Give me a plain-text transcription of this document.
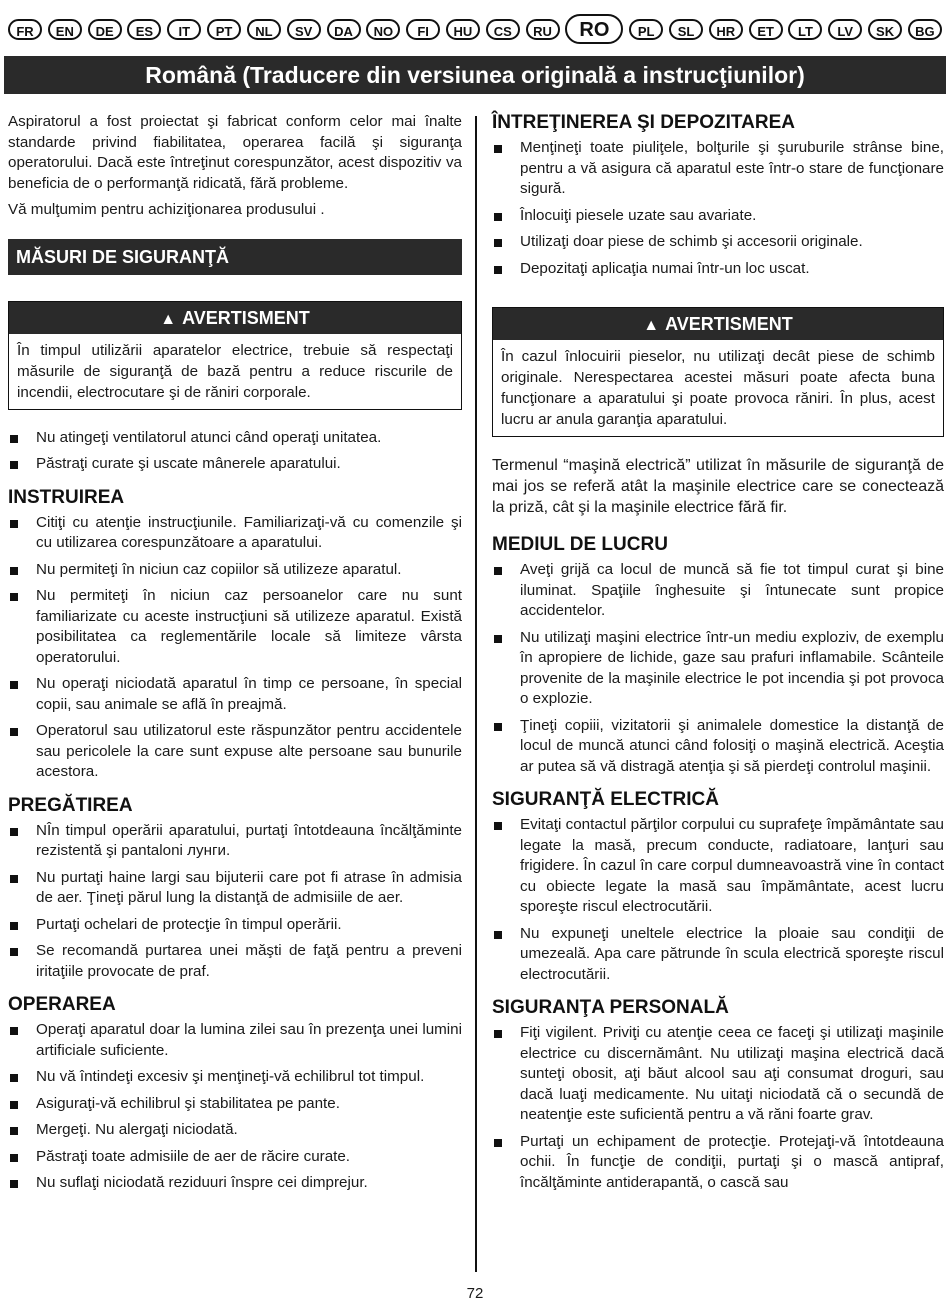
FR	EN	DE	ES	IT	PT	NL	SV	DA	NO	FI	HU	CS	RU	RO	PL	SL	HR	ET	LT	LV	SK	BG
Română (Traducere din versiunea originală a instrucţiunilor)

Aspiratorul a fost proiectat şi fabricat conform celor mai înalte standarde privind fiabilitatea, operarea facilă şi siguranţa operatorului. Dacă este întreţinut corespunzător, acest dispozitiv va beneficia de o performanţă ridicată, fără probleme.

Vă mulţumim pentru achiziţionarea produsului .

MĂSURI DE SIGURANŢĂ
▲ AVERTISMENT
În timpul utilizării aparatelor electrice, trebuie să respectaţi măsurile de siguranţă de bază pentru a reduce riscurile de incendii, electrocutare şi de răniri corporale.
Nu atingeţi ventilatorul atunci când operaţi unitatea.
Păstraţi curate şi uscate mânerele aparatului.
INSTRUIREA
Citiţi cu atenţie instrucţiunile. Familiarizaţi-vă cu comenzile şi cu utilizarea corespunzătoare a aparatului.
Nu permiteţi în niciun caz copiilor să utilizeze aparatul.
Nu permiteţi în niciun caz persoanelor care nu sunt familiarizate cu aceste instrucţiuni să utilizeze aparatul. Există posibilitatea ca reglementările locale să limiteze vârsta operatorului.
Nu operaţi niciodată aparatul în timp ce persoane, în special copii, sau animale se află în preajmă.
Operatorul sau utilizatorul este răspunzător pentru accidentele sau pericolele la care sunt expuse alte persoane sau bunurile acestora.
PREGĂTIREA
NÎn timpul operării aparatului, purtaţi întotdeauna încălţăminte rezistentă şi pantaloni лунги.
Nu purtaţi haine largi sau bijuterii care pot fi atrase în admisia de aer. Ţineţi părul lung la distanţă de admisiile de aer.
Purtaţi ochelari de protecţie în timpul operării.
Se recomandă purtarea unei măşti de faţă pentru a preveni iritaţiile provocate de praf.
OPERAREA
Operaţi aparatul doar la lumina zilei sau în prezenţa unei lumini artificiale suficiente.
Nu vă întindeţi excesiv şi menţineţi-vă echilibrul tot timpul.
Asiguraţi-vă echilibrul şi stabilitatea pe pante.
Mergeţi. Nu alergaţi niciodată.
Păstraţi toate admisiile de aer de răcire curate.
Nu suflaţi niciodată reziduuri înspre cei dimprejur.
ÎNTREŢINEREA ŞI DEPOZITAREA
Menţineţi toate piuliţele, bolţurile şi şuruburile strânse bine, pentru a vă asigura că aparatul este într-o stare de funcţionare sigură.
Înlocuiţi piesele uzate sau avariate.
Utilizaţi doar piese de schimb şi accesorii originale.
Depozitaţi aplicaţia numai într-un loc uscat.
▲ AVERTISMENT
În cazul înlocuirii pieselor, nu utilizaţi decât piese de schimb originale. Nerespectarea acestei măsuri poate afecta buna funcţionare a aparatului şi poate provoca răniri. În plus, acest lucru ar anula garanţia aparatului.

Termenul “maşină electrică” utilizat în măsurile de siguranţă de mai jos se referă atât la maşinile electrice care se conectează la priză, cât şi la maşinile electrice fără fir.

MEDIUL DE LUCRU
Aveţi grijă ca locul de muncă să fie tot timpul curat şi bine iluminat. Spaţiile înghesuite şi întunecate sunt propice accidentelor.
Nu utilizaţi maşini electrice într-un mediu exploziv, de exemplu în apropiere de lichide, gaze sau prafuri inflamabile. Scânteile provenite de la maşinile electrice le pot incendia şi pot provoca o explozie.
Ţineţi copiii, vizitatorii şi animalele domestice la distanţă de locul de muncă atunci când folosiţi o maşină electrică. Aceştia ar putea să vă distragă atenţia şi să pierdeţi controlul maşinii.
SIGURANŢĂ ELECTRICĂ
Evitaţi contactul părţilor corpului cu suprafeţe împământate sau legate la masă, precum conducte, radiatoare, lanţuri sau frigidere. În cazul în care corpul dumneavoastră vine în contact cu obiecte legate la masă sau împământate, acest lucru sporeşte riscul electrocutării.
Nu expuneţi uneltele electrice la ploaie sau condiţii de umezeală. Apa care pătrunde în scula electrică sporeşte riscul electrocutării.
SIGURANŢA PERSONALĂ
Fiţi vigilent. Priviţi cu atenţie ceea ce faceţi şi utilizaţi maşinile electrice cu discernământ. Nu utilizaţi maşina electrică dacă sunteţi obosit, aţi băut alcool sau aţi consumat droguri, sau dacă luaţi medicamente. Nu uitaţi niciodată că o secundă de neatenţie este suficientă pentru a vă răni foarte grav.
Purtaţi un echipament de protecţie. Protejaţi-vă întotdeauna ochii. În funcţie de condiţii, purtaţi şi o mască antipraf, încălţăminte antiderapantă, o cască sau
72
